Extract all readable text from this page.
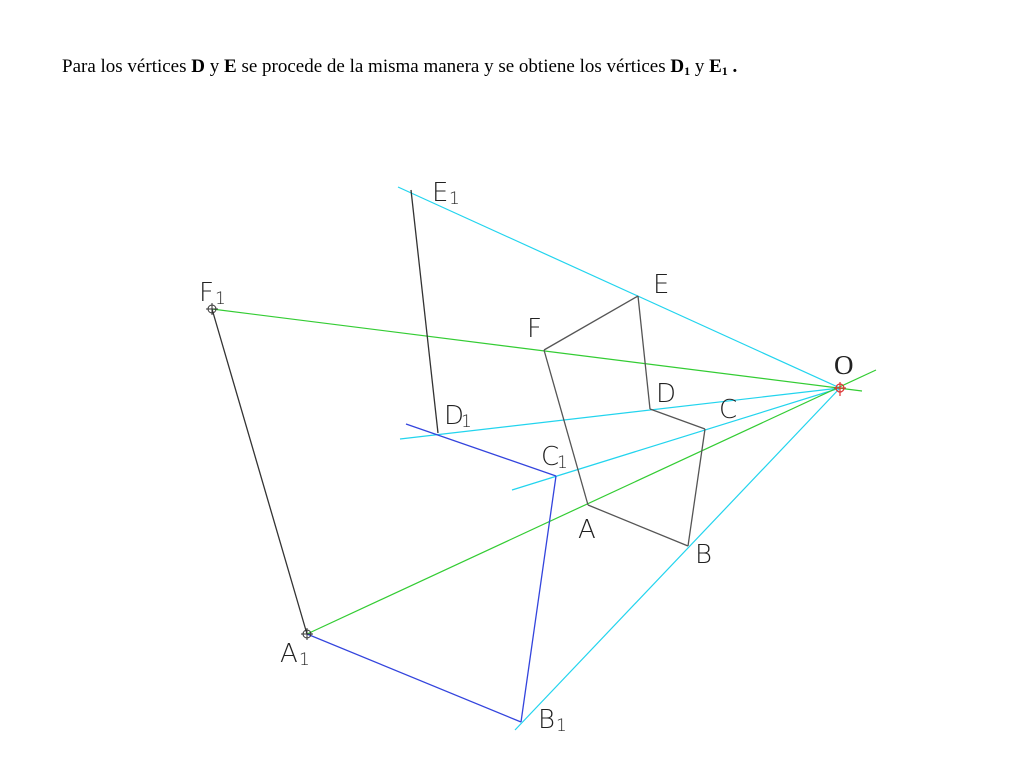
Para los vértices D y E se procede de la misma manera y se obtiene los vértices $D_1$ y $E_1$ .
O
A
B
C
D
E
F
A 1
B 1
C
1
D
1
E 1
F 1
